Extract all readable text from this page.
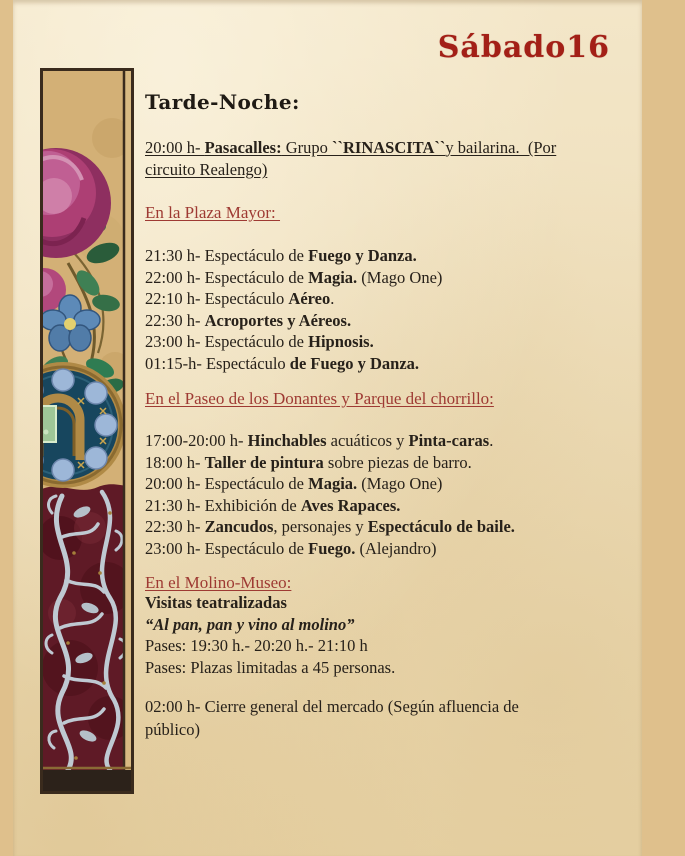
Sábado16
Tarde-Noche:

20:00 h- Pasacalles: Grupo ``RINASCITA``y bailarina.  (Por circuito Realengo)

En la Plaza Mayor:

21:30 h- Espectáculo de Fuego y Danza.
22:00 h- Espectáculo de Magia. (Mago One)
22:10 h- Espectáculo Aéreo.
22:30 h- Acroportes y Aéreos.
23:00 h- Espectáculo de Hipnosis.
01:15-h- Espectáculo de Fuego y Danza.

En el Paseo de los Donantes y Parque del chorrillo:

17:00-20:00 h- Hinchables acuáticos y Pinta-caras.
18:00 h- Taller de pintura sobre piezas de barro.
20:00 h- Espectáculo de Magia. (Mago One)
21:30 h- Exhibición de Aves Rapaces.
22:30 h- Zancudos, personajes y Espectáculo de baile.
23:00 h- Espectáculo de Fuego. (Alejandro)

En el Molino-Museo:

Visitas teatralizadas
“Al pan, pan y vino al molino”
Pases: 19:30 h.- 20:20 h.- 21:10 h
Pases: Plazas limitadas a 45 personas.

02:00 h- Cierre general del mercado (Según afluencia de público)
